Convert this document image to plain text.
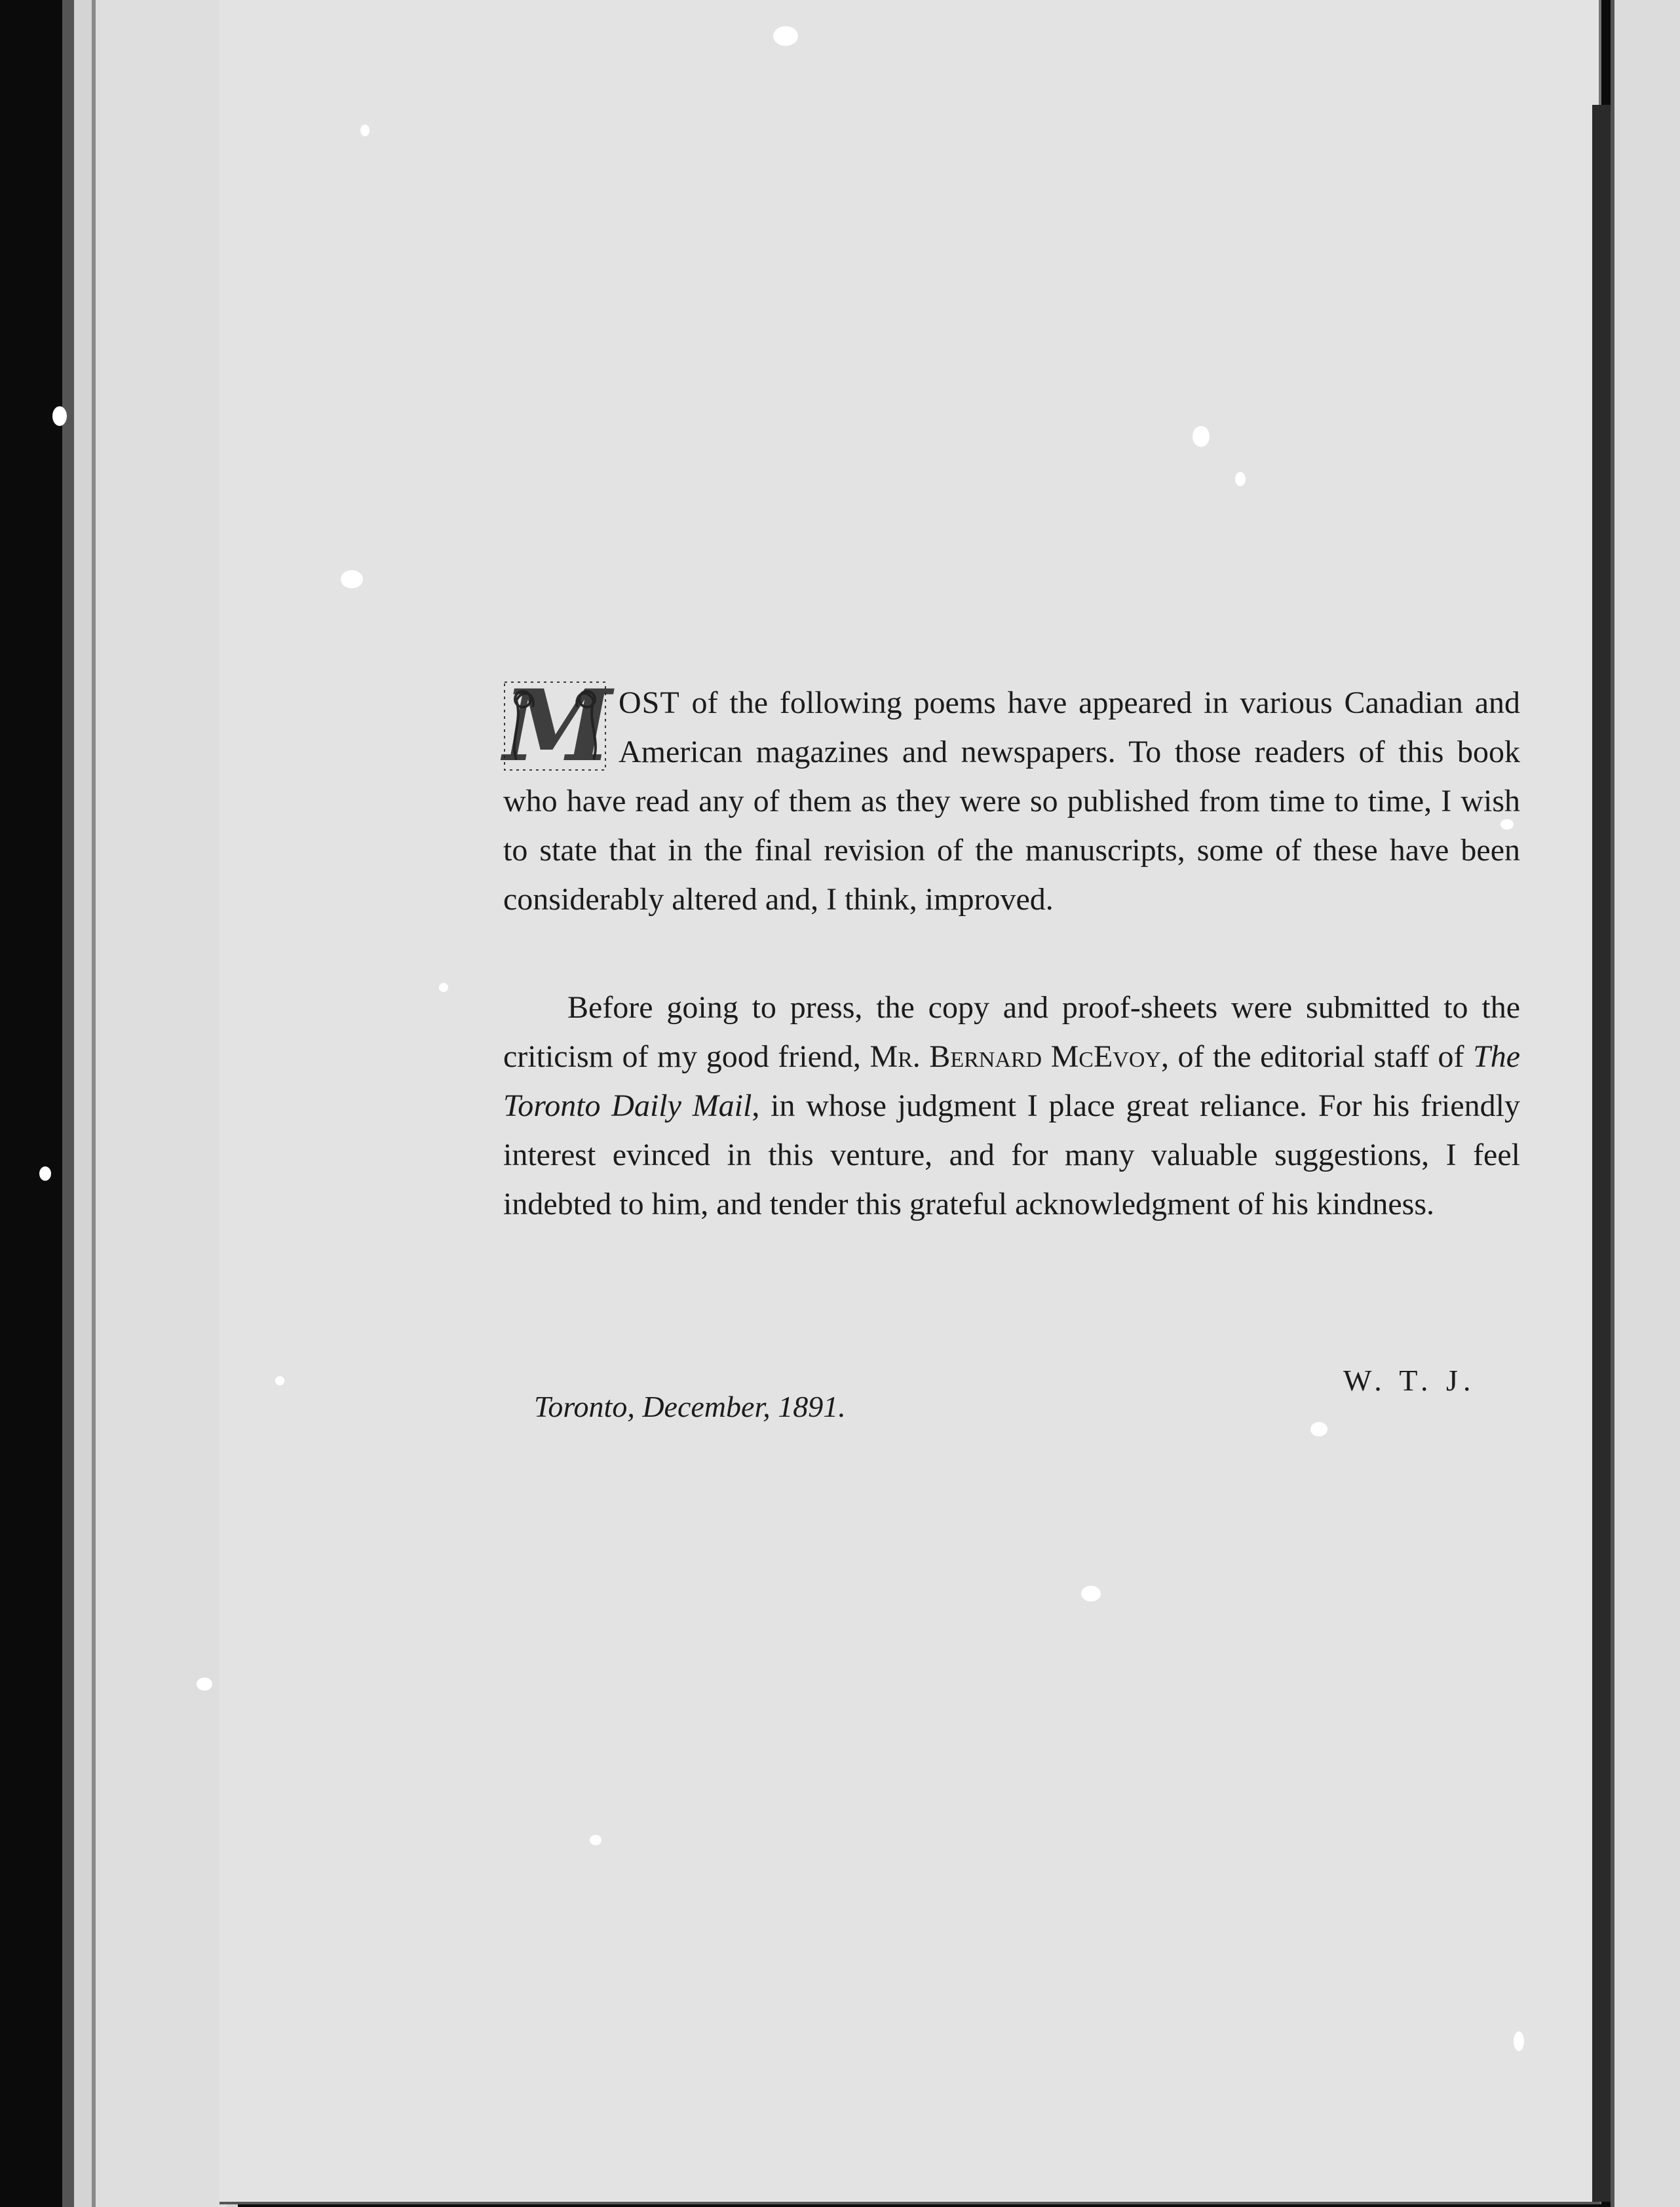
M OST of the following poems have appeared in various Canadian and American magazines and newspapers. To those readers of this book who have read any of them as they were so published from time to time, I wish to state that in the final revision of the manuscripts, some of these have been considerably altered and, I think, improved.

Before going to press, the copy and proof-sheets were submitted to the criticism of my good friend, Mr. Bernard McEvoy, of the editorial staff of The Toronto Daily Mail, in whose judgment I place great reliance. For his friendly interest evinced in this venture, and for many valuable suggestions, I feel indebted to him, and tender this grateful acknowledgment of his kindness.

W. T. J.
Toronto, December, 1891.
